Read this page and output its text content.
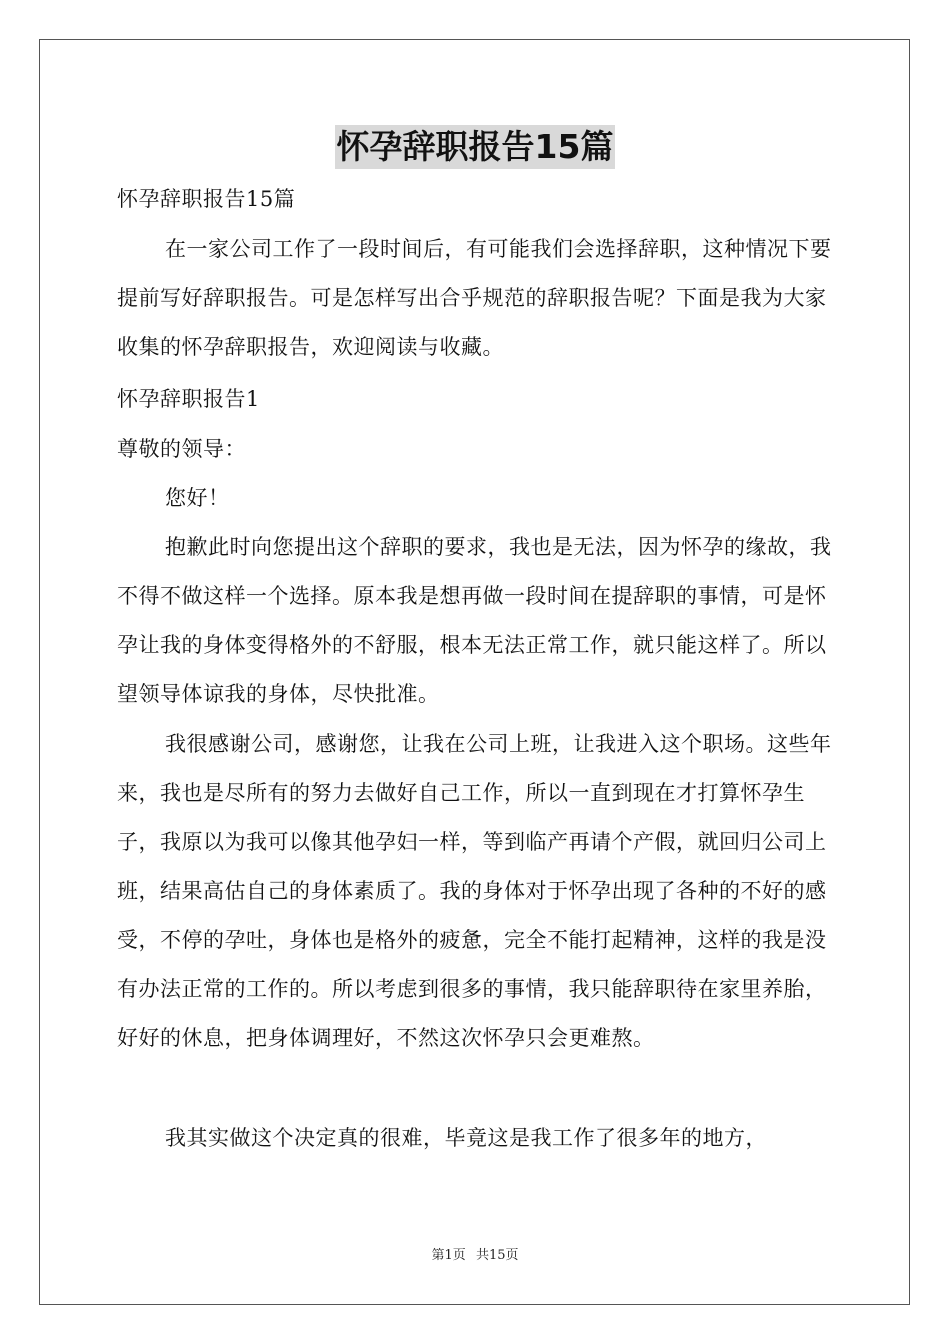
怀孕辞职报告15篇

怀孕辞职报告15篇

在一家公司工作了一段时间后，有可能我们会选择辞职，这种情况下要提前写好辞职报告。可是怎样写出合乎规范的辞职报告呢？下面是我为大家收集的怀孕辞职报告，欢迎阅读与收藏。

怀孕辞职报告1

尊敬的领导：

您好！

抱歉此时向您提出这个辞职的要求，我也是无法，因为怀孕的缘故，我不得不做这样一个选择。原本我是想再做一段时间在提辞职的事情，可是怀孕让我的身体变得格外的不舒服，根本无法正常工作，就只能这样了。所以望领导体谅我的身体，尽快批准。

我很感谢公司，感谢您，让我在公司上班，让我进入这个职场。这些年来，我也是尽所有的努力去做好自己工作，所以一直到现在才打算怀孕生子，我原以为我可以像其他孕妇一样，等到临产再请个产假，就回归公司上班，结果高估自己的身体素质了。我的身体对于怀孕出现了各种的不好的感受，不停的孕吐，身体也是格外的疲惫，完全不能打起精神，这样的我是没有办法正常的工作的。所以考虑到很多的事情，我只能辞职待在家里养胎，好好的休息，把身体调理好，不然这次怀孕只会更难熬。

我其实做这个决定真的很难，毕竟这是我工作了很多年的地方，

第1页 共15页
